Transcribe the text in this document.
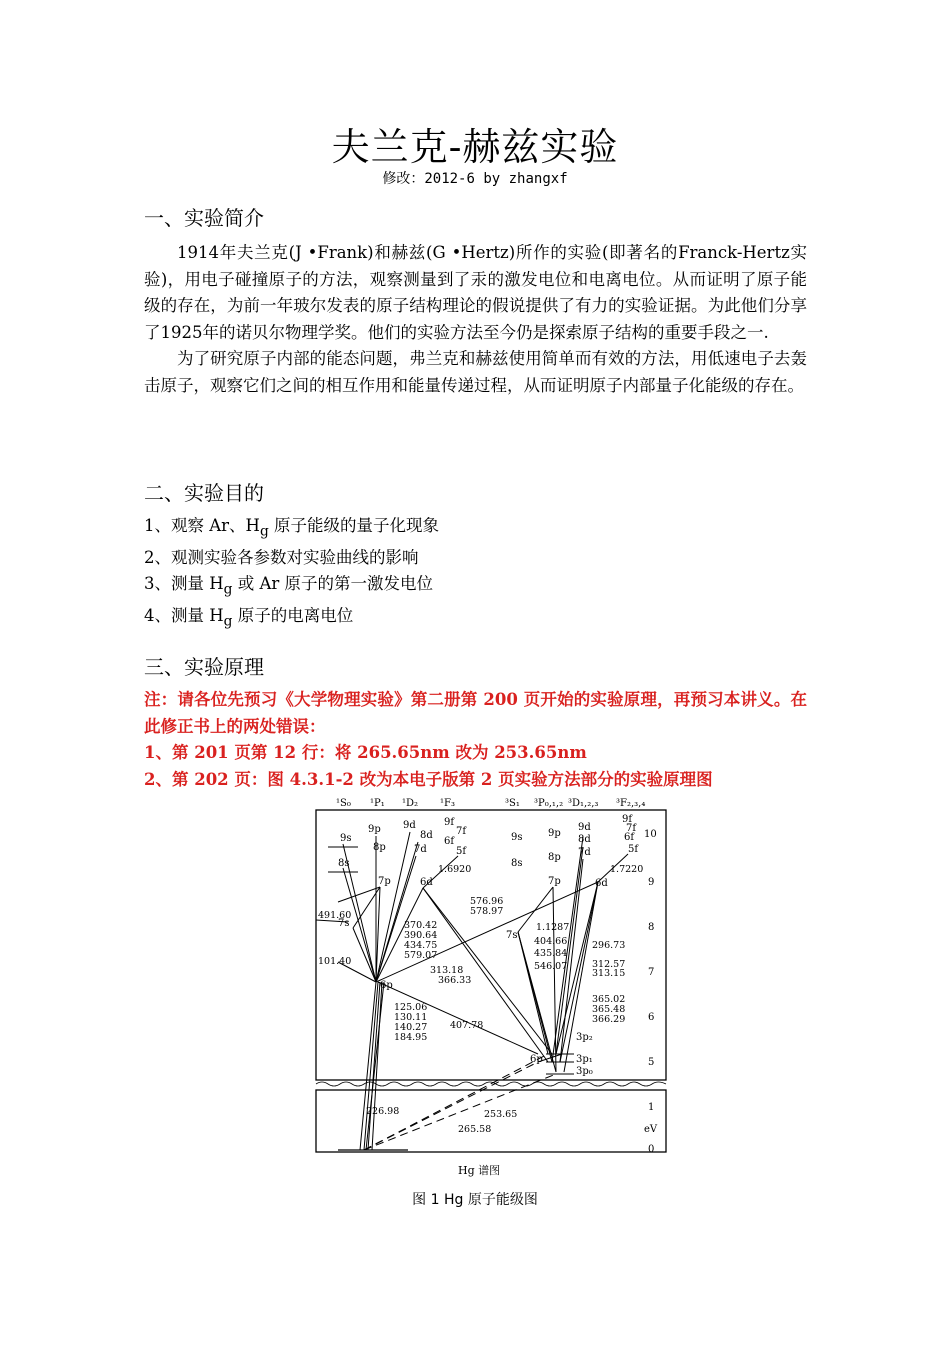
夫兰克-赫兹实验
修改：2012-6 by zhangxf
一、实验简介

1914年夫兰克(J •Frank)和赫兹(G •Hertz)所作的实验(即著名的Franck-Hertz实验)，用电子碰撞原子的方法，观察测量到了汞的激发电位和电离电位。从而证明了原子能级的存在，为前一年玻尔发表的原子结构理论的假说提供了有力的实验证据。为此他们分享了1925年的诺贝尔物理学奖。他们的实验方法至今仍是探索原子结构的重要手段之一.

为了研究原子内部的能态问题，弗兰克和赫兹使用简单而有效的方法，用低速电子去轰击原子，观察它们之间的相互作用和能量传递过程，从而证明原子内部量子化能级的存在。

二、实验目的
1、观察 Ar、$H_g$ 原子能级的量子化现象
2、观测实验各参数对实验曲线的影响
3、测量 $H_g$ 或 Ar 原子的第一激发电位
4、测量 $H_g$ 原子的电离电位
三、实验原理
注：请各位先预习《大学物理实验》第二册第 200 页开始的实验原理，再预习本讲义。在此修正书上的两处错误：
1、第 201 页第 12 行：将 265.65nm 改为 253.65nm
2、第 202 页：图 4.3.1-2 改为本电子版第 2 页实验方法部分的实验原理图
¹S₀ ¹P₁ ¹D₂ ¹F₃	³S₁ ³P₀,₁,₂ ³D₁,₂,₃ ³F₂,₃,₄
10
9
8
7
6
5
1
eV
0
9s
8s
9p
8p
7p
9d
8d
7d
6d
9f
7f
6f
5f
7s
6p
3p₂
3p₁
3p₀
9s
8s
9p
8p
9d
8d
7d
7p	6d
7s
6p
9f
7f
6f
5f
491.60
101.40
370.42
390.64
434.75
579.07
576.96
578.97
1.1287
404.66
435.84
546.07
296.73
312.57
313.15
313.18
366.33
365.02
365.48
366.29
125.06
130.11
140.27
184.95
407.78
226.98	253.65
265.58
1.6920	1.7220
Hg 谱图
图 1 Hg 原子能级图
